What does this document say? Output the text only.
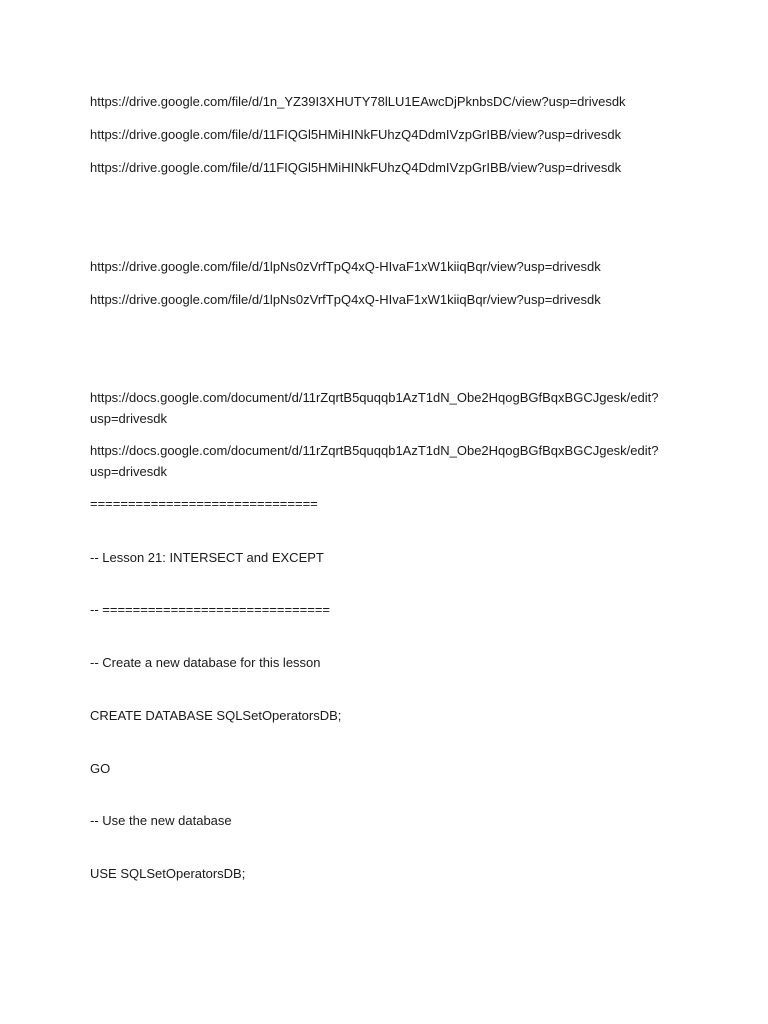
https://drive.google.com/file/d/1n_YZ39I3XHUTY78lLU1EAwcDjPknbsDC/view?usp=drivesdk
https://drive.google.com/file/d/11FIQGl5HMiHINkFUhzQ4DdmIVzpGrIBB/view?usp=drivesdk
https://drive.google.com/file/d/11FIQGl5HMiHINkFUhzQ4DdmIVzpGrIBB/view?usp=drivesdk
https://drive.google.com/file/d/1lpNs0zVrfTpQ4xQ-HIvaF1xW1kiiqBqr/view?usp=drivesdk
https://drive.google.com/file/d/1lpNs0zVrfTpQ4xQ-HIvaF1xW1kiiqBqr/view?usp=drivesdk
https://docs.google.com/document/d/11rZqrtB5quqqb1AzT1dN_Obe2HqogBGfBqxBGCJgesk/edit?
usp=drivesdk
https://docs.google.com/document/d/11rZqrtB5quqqb1AzT1dN_Obe2HqogBGfBqxBGCJgesk/edit?
usp=drivesdk
==============================
-- Lesson 21: INTERSECT and EXCEPT
-- ==============================
-- Create a new database for this lesson
CREATE DATABASE SQLSetOperatorsDB;
GO
-- Use the new database
USE SQLSetOperatorsDB;
